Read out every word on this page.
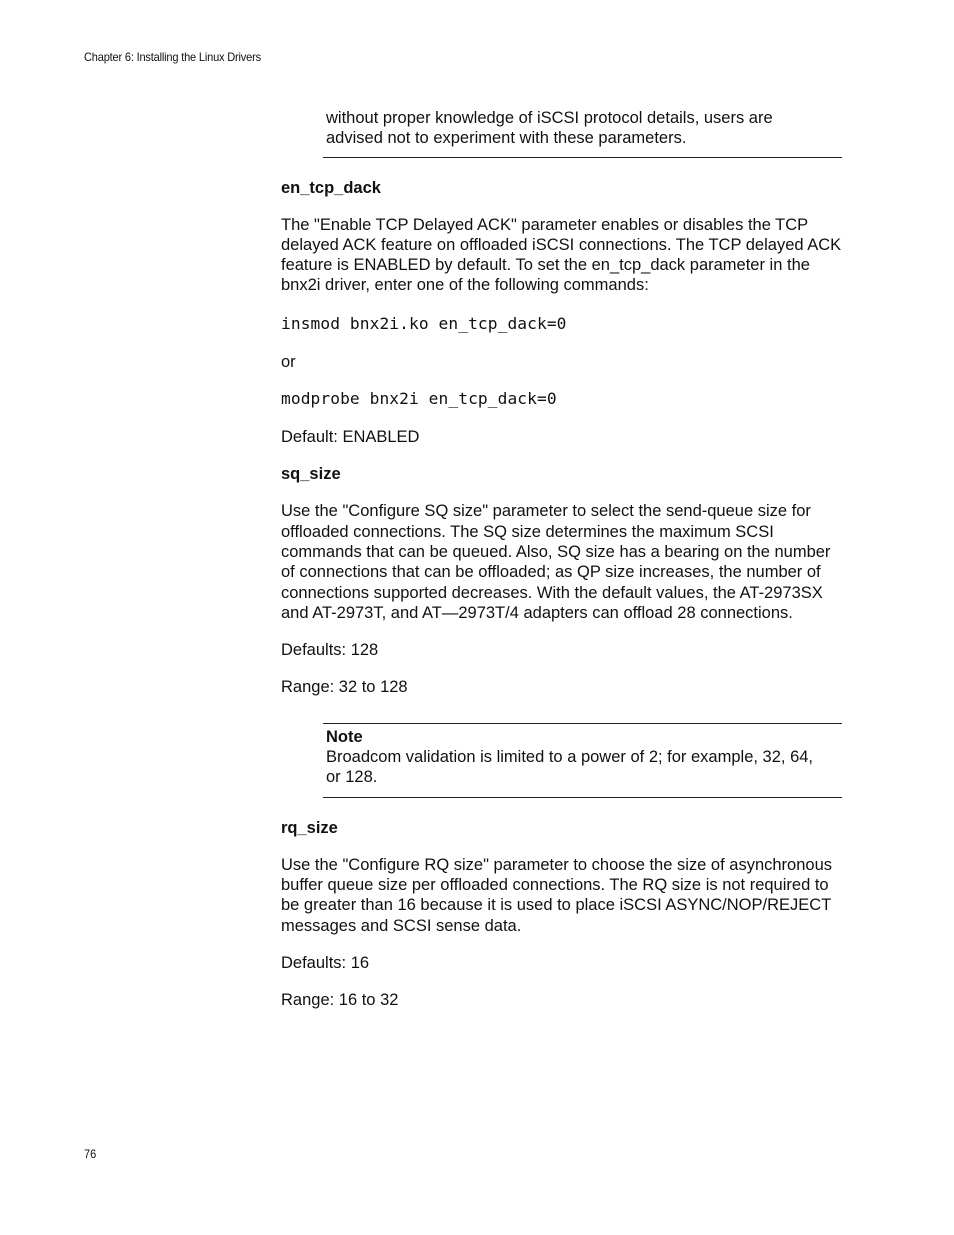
Chapter 6: Installing the Linux Drivers

without proper knowledge of iSCSI protocol details, users are advised not to experiment with these parameters.

en_tcp_dack

The "Enable TCP Delayed ACK" parameter enables or disables the TCP delayed ACK feature on offloaded iSCSI connections. The TCP delayed ACK feature is ENABLED by default. To set the en_tcp_dack parameter in the bnx2i driver, enter one of the following commands:

insmod bnx2i.ko en_tcp_dack=0

or

modprobe bnx2i en_tcp_dack=0

Default: ENABLED

sq_size

Use the "Configure SQ size" parameter to select the send-queue size for offloaded connections. The SQ size determines the maximum SCSI commands that can be queued. Also, SQ size has a bearing on the number of connections that can be offloaded; as QP size increases, the number of connections supported decreases. With the default values, the AT-2973SX and AT-2973T, and AT—2973T/4 adapters can offload 28 connections.

Defaults: 128

Range: 32 to 128

Note

Broadcom validation is limited to a power of 2; for example, 32, 64, or 128.

rq_size

Use the "Configure RQ size" parameter to choose the size of asynchronous buffer queue size per offloaded connections. The RQ size is not required to be greater than 16 because it is used to place iSCSI ASYNC/NOP/REJECT messages and SCSI sense data.

Defaults: 16

Range: 16 to 32

76
